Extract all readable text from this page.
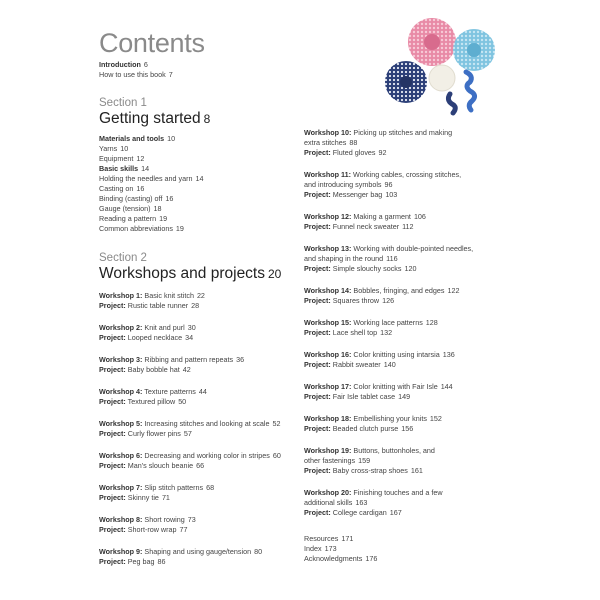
Contents
Introduction 6
How to use this book 7
Section 1
Getting started 8
Materials and tools 10
Yarns 10
Equipment 12
Basic skills 14
Holding the needles and yarn 14
Casting on 16
Binding (casting) off 16
Gauge (tension) 18
Reading a pattern 19
Common abbreviations 19
Section 2
Workshops and projects 20
Workshop 1: Basic knit stitch 22
Project: Rustic table runner 28
Workshop 2: Knit and purl 30
Project: Looped necklace 34
Workshop 3: Ribbing and pattern repeats 36
Project: Baby bobble hat 42
Workshop 4: Texture patterns 44
Project: Textured pillow 50
Workshop 5: Increasing stitches and looking at scale 52
Project: Curly flower pins 57
Workshop 6: Decreasing and working color in stripes 60
Project: Man's slouch beanie 66
Workshop 7: Slip stitch patterns 68
Project: Skinny tie 71
Workshop 8: Short rowing 73
Project: Short-row wrap 77
Workshop 9: Shaping and using gauge/tension 80
Project: Peg bag 86
Workshop 10: Picking up stitches and making
extra stitches 88
Project: Fluted gloves 92
Workshop 11: Working cables, crossing stitches,
and introducing symbols 96
Project: Messenger bag 103
Workshop 12: Making a garment 106
Project: Funnel neck sweater 112
Workshop 13: Working with double-pointed needles,
and shaping in the round 116
Project: Simple slouchy socks 120
Workshop 14: Bobbles, fringing, and edges 122
Project: Squares throw 126
Workshop 15: Working lace patterns 128
Project: Lace shell top 132
Workshop 16: Color knitting using intarsia 136
Project: Rabbit sweater 140
Workshop 17: Color knitting with Fair Isle 144
Project: Fair Isle tablet case 149
Workshop 18: Embellishing your knits 152
Project: Beaded clutch purse 156
Workshop 19: Buttons, buttonholes, and
other fastenings 159
Project: Baby cross-strap shoes 161
Workshop 20: Finishing touches and a few
additional skills 163
Project: College cardigan 167
Resources 171
Index 173
Acknowledgments 176
